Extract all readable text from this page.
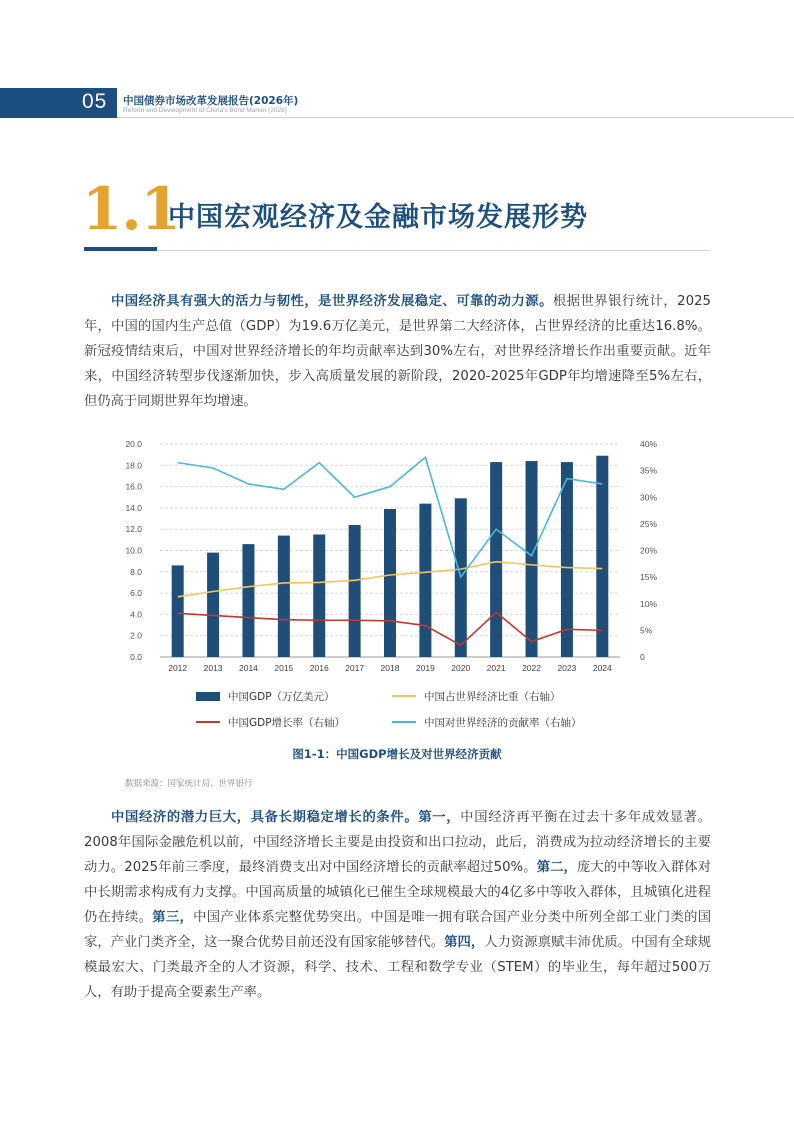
05 中国债券市场改革发展报告(2026年)
Reform and Development of China's Bond Market (2026)
1.1
中国宏观经济及金融市场发展形势
中国经济具有强大的活力与韧性，是世界经济发展稳定、可靠的动力源。根据世界银行统计，2025年，中国的国内生产总值（GDP）为19.6万亿美元，是世界第二大经济体，占世界经济的比重达16.8%。新冠疫情结束后，中国对世界经济增长的年均贡献率达到30%左右，对世界经济增长作出重要贡献。近年来，中国经济转型步伐逐渐加快，步入高质量发展的新阶段，2020-2025年GDP年均增速降至5%左右，但仍高于同期世界年均增速。
0.0
2.0
4.0
6.0
8.0
10.0
12.0
14.0
16.0
18.0
20.0
0
5%
10%
15%
20%
25%
30%
35%
40%
2012 2013 2014 2015 2016 2017 2018 2019 2020 2021 2022 2023 2024
中国GDP（万亿美元）	中国占世界经济比重（右轴）
中国GDP增长率（右轴）	中国对世界经济的贡献率（右轴）
图1-1：中国GDP增长及对世界经济贡献
数据来源：国家统计局、世界银行
中国经济的潜力巨大，具备长期稳定增长的条件。第一，中国经济再平衡在过去十多年成效显著。2008年国际金融危机以前，中国经济增长主要是由投资和出口拉动，此后，消费成为拉动经济增长的主要动力。2025年前三季度，最终消费支出对中国经济增长的贡献率超过50%。第二，庞大的中等收入群体对中长期需求构成有力支撑。中国高质量的城镇化已催生全球规模最大的4亿多中等收入群体，且城镇化进程仍在持续。第三，中国产业体系完整优势突出。中国是唯一拥有联合国产业分类中所列全部工业门类的国家，产业门类齐全，这一聚合优势目前还没有国家能够替代。第四，人力资源禀赋丰沛优质。中国有全球规模最宏大、门类最齐全的人才资源，科学、技术、工程和数学专业（STEM）的毕业生，每年超过500万人，有助于提高全要素生产率。
